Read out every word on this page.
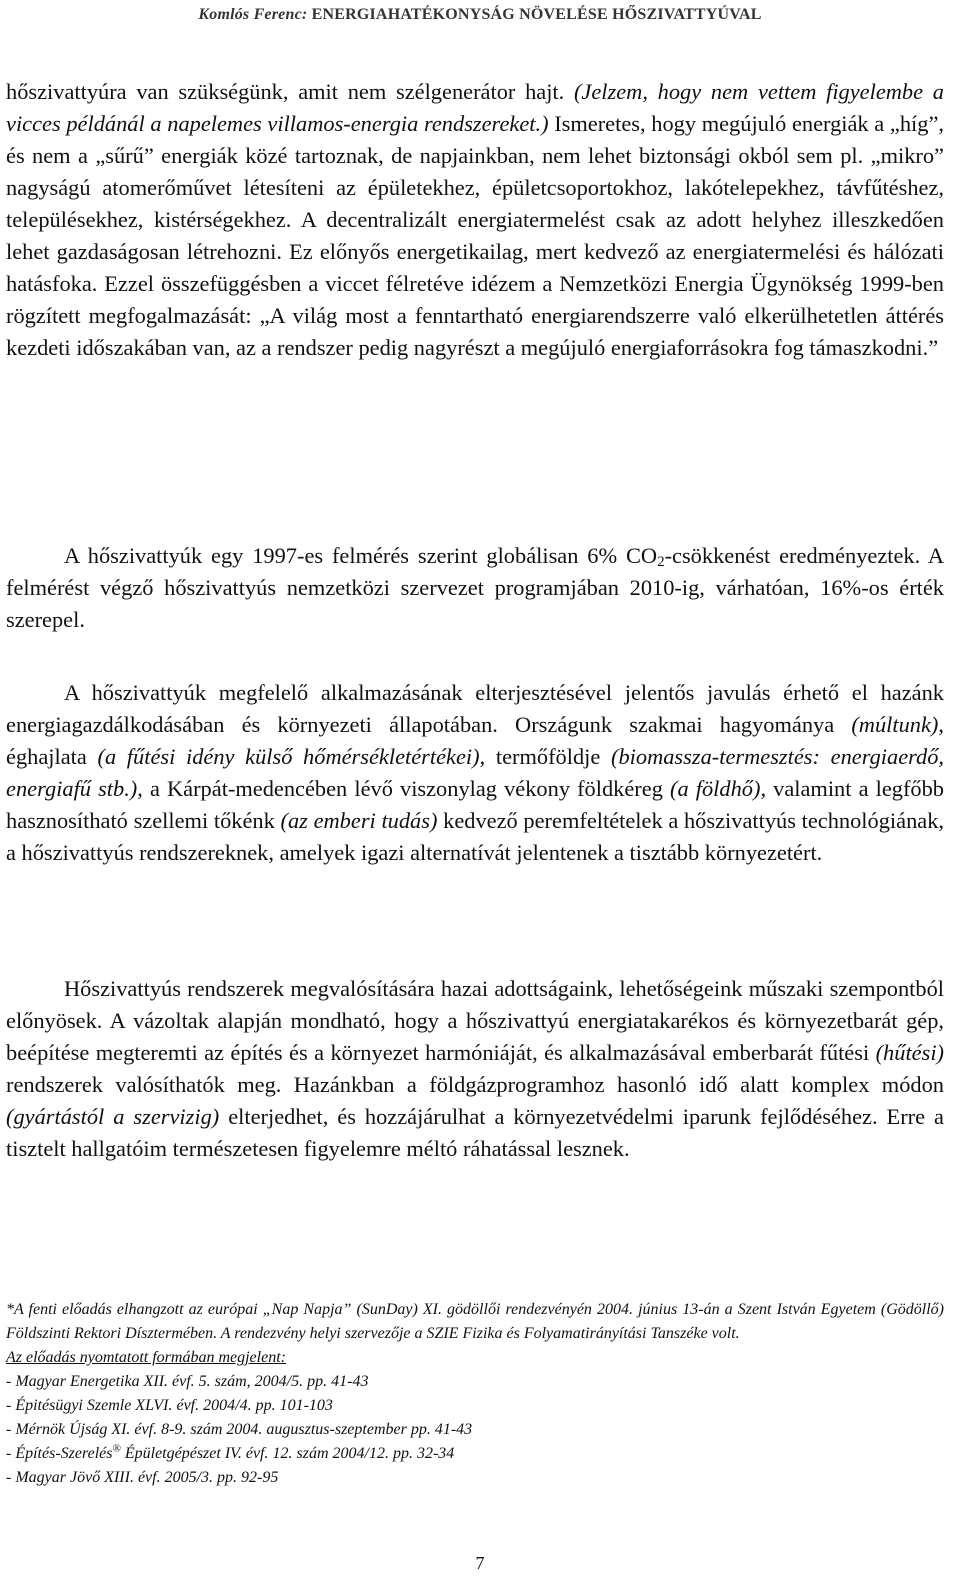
Komlós Ferenc: ENERGIAHATÉKONYSÁG NÖVELÉSE HŐSZIVATTYÚVAL

hőszivattyúra van szükségünk, amit nem szélgenerátor hajt. (Jelzem, hogy nem vettem figyelembe a vicces példánál a napelemes villamos-energia rendszereket.) Ismeretes, hogy megújuló energiák a „híg”, és nem a „sűrű” energiák közé tartoznak, de napjainkban, nem lehet biztonsági okból sem pl. „mikro” nagyságú atomerőművet létesíteni az épületekhez, épületcsoportokhoz, lakótelepekhez, távfűtéshez, településekhez, kistérségekhez. A decentralizált energiatermelést csak az adott helyhez illeszkedően lehet gazdaságosan létrehozni. Ez előnyős energetikailag, mert kedvező az energiatermelési és hálózati hatásfoka. Ezzel összefüggésben a viccet félretéve idézem a Nemzetközi Energia Ügynökség 1999-ben rögzített megfogalmazását: „A világ most a fenntartható energiarendszerre való elkerülhetetlen áttérés kezdeti időszakában van, az a rendszer pedig nagyrészt a megújuló energiaforrásokra fog támaszkodni.”

A hőszivattyúk egy 1997-es felmérés szerint globálisan 6% $CO_2$-csökkenést eredményeztek. A felmérést végző hőszivattyús nemzetközi szervezet programjában 2010-ig, várhatóan, 16%-os érték szerepel.

A hőszivattyúk megfelelő alkalmazásának elterjesztésével jelentős javulás érhető el hazánk energiagazdálkodásában és környezeti állapotában. Országunk szakmai hagyománya (múltunk), éghajlata (a fűtési idény külső hőmérsékletértékei), termőföldje (biomassza-termesztés: energiaerdő, energiafű stb.), a Kárpát-medencében lévő viszonylag vékony földkéreg (a földhő), valamint a legfőbb hasznosítható szellemi tőkénk (az emberi tudás) kedvező peremfeltételek a hőszivattyús technológiának, a hőszivattyús rendszereknek, amelyek igazi alternatívát jelentenek a tisztább környezetért.

Hőszivattyús rendszerek megvalósítására hazai adottságaink, lehetőségeink műszaki szempontból előnyösek. A vázoltak alapján mondható, hogy a hőszivattyú energiatakarékos és környezetbarát gép, beépítése megteremti az építés és a környezet harmóniáját, és alkalmazásával emberbarát fűtési (hűtési) rendszerek valósíthatók meg. Hazánkban a földgázprogramhoz hasonló idő alatt komplex módon (gyártástól a szervizig) elterjedhet, és hozzájárulhat a környezetvédelmi iparunk fejlődéséhez. Erre a tisztelt hallgatóim természetesen figyelemre méltó ráhatással lesznek.

*A fenti előadás elhangzott az európai „Nap Napja” (SunDay) XI. gödöllői rendezvényén 2004. június 13-án a Szent István Egyetem (Gödöllő) Földszinti Rektori Dísztermében. A rendezvény helyi szervezője a SZIE Fizika és Folyamatirányítási Tanszéke volt.
Az előadás nyomtatott formában megjelent:
- Magyar Energetika XII. évf. 5. szám, 2004/5. pp. 41-43
- Épitésügyi Szemle XLVI. évf. 2004/4. pp. 101-103
- Mérnök Újság XI. évf. 8-9. szám 2004. augusztus-szeptember pp. 41-43
- Építés-Szerelés® Épületgépészet IV. évf. 12. szám 2004/12. pp. 32-34
- Magyar Jövő XIII. évf. 2005/3. pp. 92-95
7
